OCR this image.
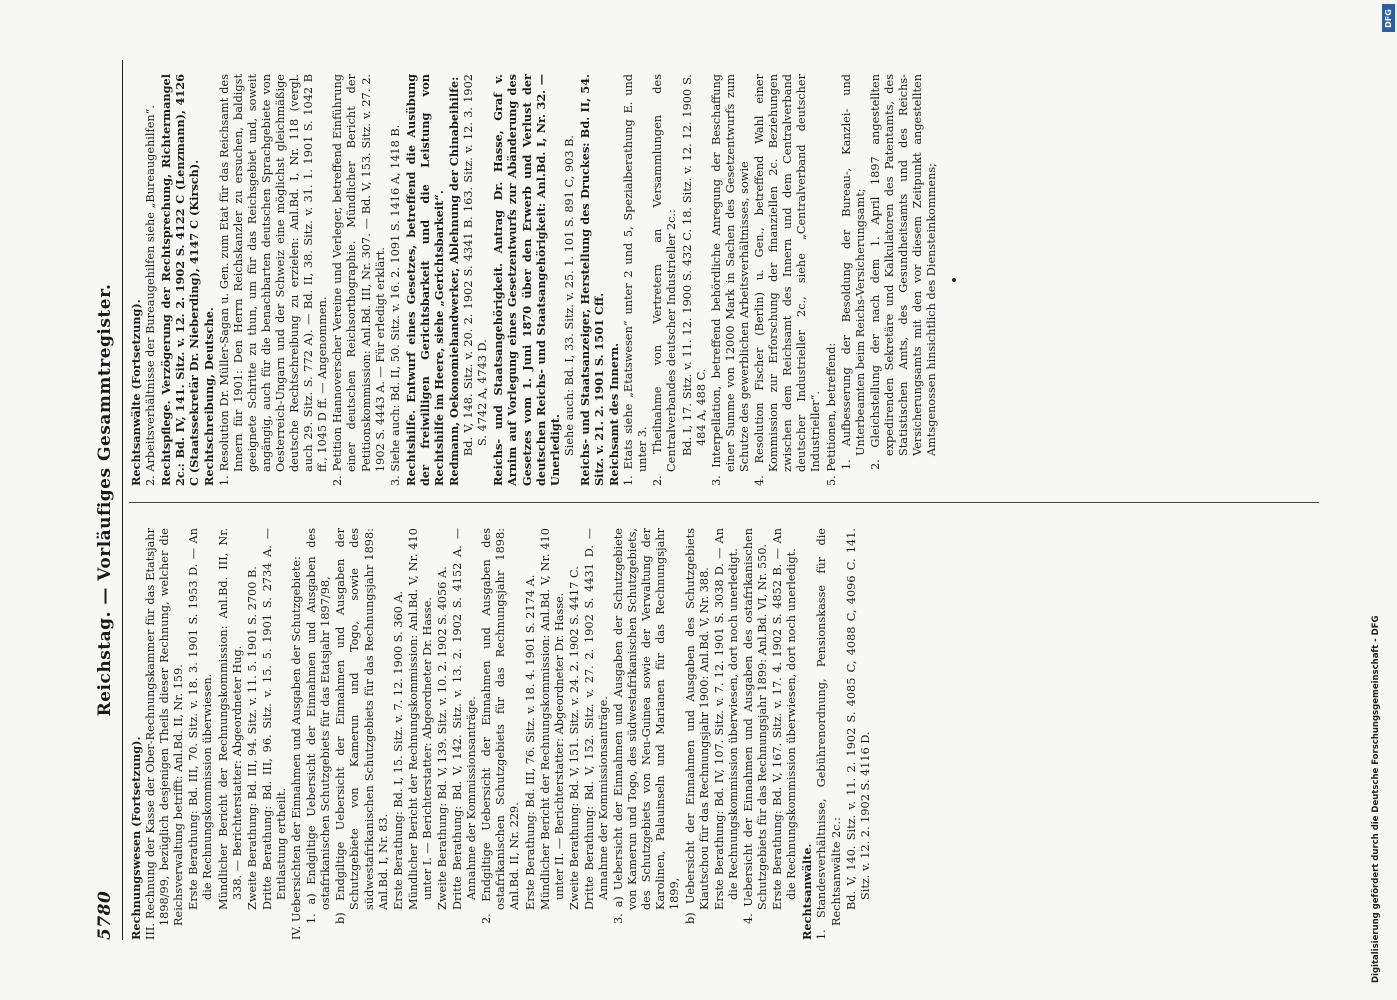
5780
Reichstag. — Vorläufiges Gesammtregister.

Rechnungswesen (Fortsetzung). III. Rechnung der Kasse der Ober-Rechnungskammer für das Etatsjahr 1898/99, bezüglich desjenigen Theils dieser Rechnung, welcher die Reichsverwaltung betrifft: Anl.Bd. II, Nr. 159. Erste Berathung: Bd. III, 70. Sitz. v. 18. 3. 1901 S. 1953 D. — An die Rechnungskommission überwiesen. Mündlicher Bericht der Rechnungskommission: Anl.Bd. III, Nr. 338. — Berichterstatter: Abgeordneter Hug. Zweite Berathung: Bd. III, 94. Sitz. v. 11. 5. 1901 S. 2700 B. Dritte Berathung: Bd. III, 96. Sitz. v. 15. 5. 1901 S. 2734 A. — Entlastung ertheilt. IV. Uebersichten der Einnahmen und Ausgaben der Schutzgebiete: 1. a) Endgiltige Uebersicht der Einnahmen und Ausgaben des ostafrikanischen Schutzgebiets für das Etatsjahr 1897/98, b) Endgiltige Uebersicht der Einnahmen und Ausgaben der Schutzgebiete von Kamerun und Togo, sowie des südwestafrikanischen Schutzgebiets für das Rechnungsjahr 1898: Anl.Bd. I, Nr. 83. Erste Berathung: Bd. I, 15. Sitz. v. 7. 12. 1900 S. 360 A. Mündlicher Bericht der Rechnungskommission: Anl.Bd. V, Nr. 410 unter I. — Berichterstatter: Abgeordneter Dr. Hasse. Zweite Berathung: Bd. V, 139. Sitz. v. 10. 2. 1902 S. 4056 A. Dritte Berathung: Bd. V, 142. Sitz. v. 13. 2. 1902 S. 4152 A. — Annahme der Kommissionsanträge. 2. Endgiltige Uebersicht der Einnahmen und Ausgaben des ostafrikanischen Schutzgebiets für das Rechnungsjahr 1898: Anl.Bd. II, Nr. 229. Erste Berathung: Bd. III, 76. Sitz. v. 18. 4. 1901 S. 2174 A. Mündlicher Bericht der Rechnungskommission: Anl.Bd. V, Nr. 410 unter II. — Berichterstatter: Abgeordneter Dr. Hasse. Zweite Berathung: Bd. V, 151. Sitz. v. 24. 2. 1902 S. 4417 C. Dritte Berathung: Bd. V, 152. Sitz. v. 27. 2. 1902 S. 4431 D. — Annahme der Kommissionsanträge. 3. a) Uebersicht der Einnahmen und Ausgaben der Schutzgebiete von Kamerun und Togo, des südwestafrikanischen Schutzgebiets, des Schutzgebiets von Neu-Guinea sowie der Verwaltung der Karolinen, Palauinseln und Marianen für das Rechnungsjahr 1899, b) Uebersicht der Einnahmen und Ausgaben des Schutzgebiets Kiautschou für das Rechnungsjahr 1900: Anl.Bd. V, Nr. 388. Erste Berathung: Bd. IV, 107. Sitz. v. 7. 12. 1901 S. 3038 D. — An die Rechnungskommission überwiesen, dort noch unerledigt. 4. Uebersicht der Einnahmen und Ausgaben des ostafrikanischen Schutzgebiets für das Rechnungsjahr 1899: Anl.Bd. VI, Nr. 550. Erste Berathung: Bd. V, 167. Sitz. v. 17. 4. 1902 S. 4852 B. — An die Rechnungskommission überwiesen, dort noch unerledigt. Rechtsanwälte. 1. Standesverhältnisse, Gebührenordnung, Pensionskasse für die Rechtsanwälte 2c.: Bd. V, 140. Sitz. v. 11. 2. 1902 S. 4085 C, 4088 C, 4096 C. 141. Sitz. v. 12. 2. 1902 S. 4116 D.

Rechtsanwälte (Fortsetzung). 2. Arbeitsverhältnisse der Bureaugehilfen siehe „Bureaugehilfen“. Rechtspflege. Verzögerung der Rechtsprechung, Richtermangel 2c.: Bd. IV, 141. Sitz. v. 12. 2. 1902 S. 4122 C (Lenzmann), 4126 C (Staatssekretär Dr. Nieberding), 4147 C (Kirsch). Rechtschreibung, Deutsche. 1. Resolution Dr. Müller-Sagan u. Gen. zum Etat für das Reichsamt des Innern für 1901: Den Herrn Reichskanzler zu ersuchen, baldigst geeignete Schritte zu thun, um für das Reichsgebiet und, soweit angängig, auch für die benachbarten deutschen Sprachgebiete von Oesterreich-Ungarn und der Schweiz eine möglichst gleichmäßige deutsche Rechtschreibung zu erzielen: Anl.Bd. I, Nr. 118 (vergl. auch 29. Sitz. S. 772 A). — Bd. II, 38. Sitz. v. 31. 1. 1901 S. 1042 B ff., 1045 D ff. — Angenommen. 2. Petition Hannoverscher Vereine und Verleger, betreffend Einführung einer deutschen Reichsorthographie. Mündlicher Bericht der Petitionskommission: Anl.Bd. III, Nr. 307. — Bd. V, 153. Sitz. v. 27. 2. 1902 S. 4443 A. — Für erledigt erklärt. 3. Siehe auch: Bd. II, 50. Sitz. v. 16. 2. 1091 S. 1416 A, 1418 B. Rechtshilfe. Entwurf eines Gesetzes, betreffend die Ausübung der freiwilligen Gerichtsbarkeit und die Leistung von Rechtshilfe im Heere, siehe „Gerichtsbarkeit“. Redmann, Oekonomiehandwerker, Ablehnung der Chinabeihilfe: Bd. V, 148. Sitz. v. 20. 2. 1902 S. 4341 B. 163. Sitz. v. 12. 3. 1902 S. 4742 A, 4743 D. Reichs- und Staatsangehörigkeit. Antrag Dr. Hasse, Graf v. Arnim auf Vorlegung eines Gesetzentwurfs zur Abänderung des Gesetzes vom 1. Juni 1870 über den Erwerb und Verlust der deutschen Reichs- und Staatsangehörigkeit: Anl.Bd. I, Nr. 32. — Unerledigt. Siehe auch: Bd. I, 33. Sitz. v. 25. 1. 101 S. 891 C, 903 B. Reichs- und Staatsanzeiger, Herstellung des Druckes: Bd. II, 54. Sitz. v. 21. 2. 1901 S. 1501 Cff. Reichsamt des Innern. 1. Etats siehe „Etatswesen“ unter 2 und 5, Spezialberathung E. und unter 3. 2. Theilnahme von Vertretern an Versammlungen des Centralverbandes deutscher Industrieller 2c.: Bd. I, 17. Sitz. v. 11. 12. 1900 S. 432 C. 18. Sitz. v. 12. 12. 1900 S. 484 A, 488 C. 3. Interpellation, betreffend behördliche Anregung der Beschaffung einer Summe von 12000 Mark in Sachen des Gesetzentwurfs zum Schutze des gewerblichen Arbeitsverhältnisses, sowie 4. Resolution Fischer (Berlin) u. Gen., betreffend Wahl einer Kommission zur Erforschung der finanziellen 2c. Beziehungen zwischen dem Reichsamt des Innern und dem Centralverband deutscher Industrieller 2c., siehe „Centralverband deutscher Industrieller“. 5. Petitionen, betreffend: 1. Aufbesserung der Besoldung der Bureau-, Kanzlei- und Unterbeamten beim Reichs-Versicherungsamt; 2. Gleichstellung der nach dem 1. April 1897 angestellten expedirenden Sekretäre und Kalkulatoren des Patentamts, des Statistischen Amts, des Gesundheitsamts und des Reichs-Versicherungsamts mit den vor diesem Zeitpunkt angestellten Amtsgenossen hinsichtlich des Diensteinkommens; •

Digitalisierung gefördert durch die Deutsche Forschungsgemeinschaft - DFG
DFG
